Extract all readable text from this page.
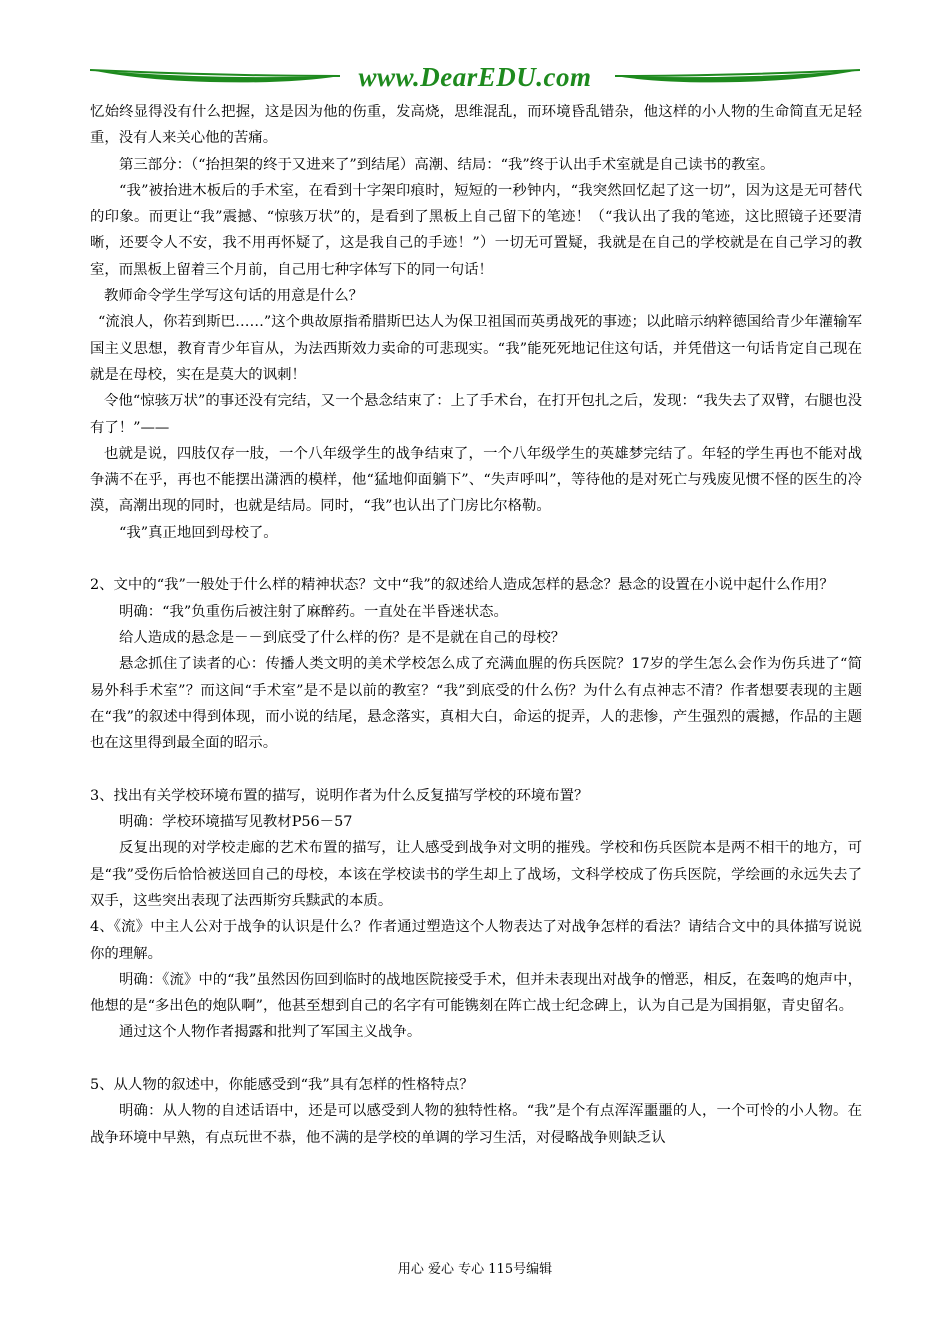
www.DearEDU.com

忆始终显得没有什么把握，这是因为他的伤重，发高烧，思维混乱，而环境昏乱错杂，他这样的小人物的生命简直无足轻重，没有人来关心他的苦痛。

第三部分：（“抬担架的终于又进来了”到结尾）高潮、结局：“我”终于认出手术室就是自己读书的教室。

“我”被抬进木板后的手术室，在看到十字架印痕时，短短的一秒钟内，“我突然回忆起了这一切”，因为这是无可替代的印象。而更让“我”震撼、“惊骇万状”的，是看到了黑板上自己留下的笔迹！（“我认出了我的笔迹，这比照镜子还要清晰，还要令人不安，我不用再怀疑了，这是我自己的手迹！”）一切无可置疑，我就是在自己的学校就是在自己学习的教室，而黑板上留着三个月前，自己用七种字体写下的同一句话！

教师命令学生学写这句话的用意是什么？

“流浪人，你若到斯巴……”这个典故原指希腊斯巴达人为保卫祖国而英勇战死的事迹；以此暗示纳粹德国给青少年灌输军国主义思想，教育青少年盲从，为法西斯效力卖命的可悲现实。“我”能死死地记住这句话，并凭借这一句话肯定自己现在就是在母校，实在是莫大的讽刺！

令他“惊骇万状”的事还没有完结，又一个悬念结束了：上了手术台，在打开包扎之后，发现：“我失去了双臂，右腿也没有了！”——

也就是说，四肢仅存一肢，一个八年级学生的战争结束了，一个八年级学生的英雄梦完结了。年轻的学生再也不能对战争满不在乎，再也不能摆出潇洒的模样，他“猛地仰面躺下”、“失声呼叫”，等待他的是对死亡与残废见惯不怪的医生的冷漠，高潮出现的同时，也就是结局。同时，“我”也认出了门房比尔格勒。

“我”真正地回到母校了。

2、文中的“我”一般处于什么样的精神状态？文中“我”的叙述给人造成怎样的悬念？悬念的设置在小说中起什么作用？

明确：“我”负重伤后被注射了麻醉药。一直处在半昏迷状态。

给人造成的悬念是－－到底受了什么样的伤？是不是就在自己的母校？

悬念抓住了读者的心：传播人类文明的美术学校怎么成了充满血腥的伤兵医院？17岁的学生怎么会作为伤兵进了“简易外科手术室”？而这间“手术室”是不是以前的教室？“我”到底受的什么伤？为什么有点神志不清？作者想要表现的主题在“我”的叙述中得到体现，而小说的结尾，悬念落实，真相大白，命运的捉弄，人的悲惨，产生强烈的震撼，作品的主题也在这里得到最全面的昭示。

3、找出有关学校环境布置的描写，说明作者为什么反复描写学校的环境布置？

明确：学校环境描写见教材P56－57

反复出现的对学校走廊的艺术布置的描写，让人感受到战争对文明的摧残。学校和伤兵医院本是两不相干的地方，可是“我”受伤后恰恰被送回自己的母校，本该在学校读书的学生却上了战场，文科学校成了伤兵医院，学绘画的永远失去了双手，这些突出表现了法西斯穷兵黩武的本质。

4、《流》中主人公对于战争的认识是什么？作者通过塑造这个人物表达了对战争怎样的看法？请结合文中的具体描写说说你的理解。

明确：《流》中的“我”虽然因伤回到临时的战地医院接受手术，但并未表现出对战争的憎恶，相反，在轰鸣的炮声中，他想的是“多出色的炮队啊”，他甚至想到自己的名字有可能镌刻在阵亡战士纪念碑上，认为自己是为国捐躯，青史留名。

通过这个人物作者揭露和批判了军国主义战争。

5、从人物的叙述中，你能感受到“我”具有怎样的性格特点？

明确：从人物的自述话语中，还是可以感受到人物的独特性格。“我”是个有点浑浑噩噩的人，一个可怜的小人物。在战争环境中早熟，有点玩世不恭，他不满的是学校的单调的学习生活，对侵略战争则缺乏认

用心 爱心 专心 115号编辑
